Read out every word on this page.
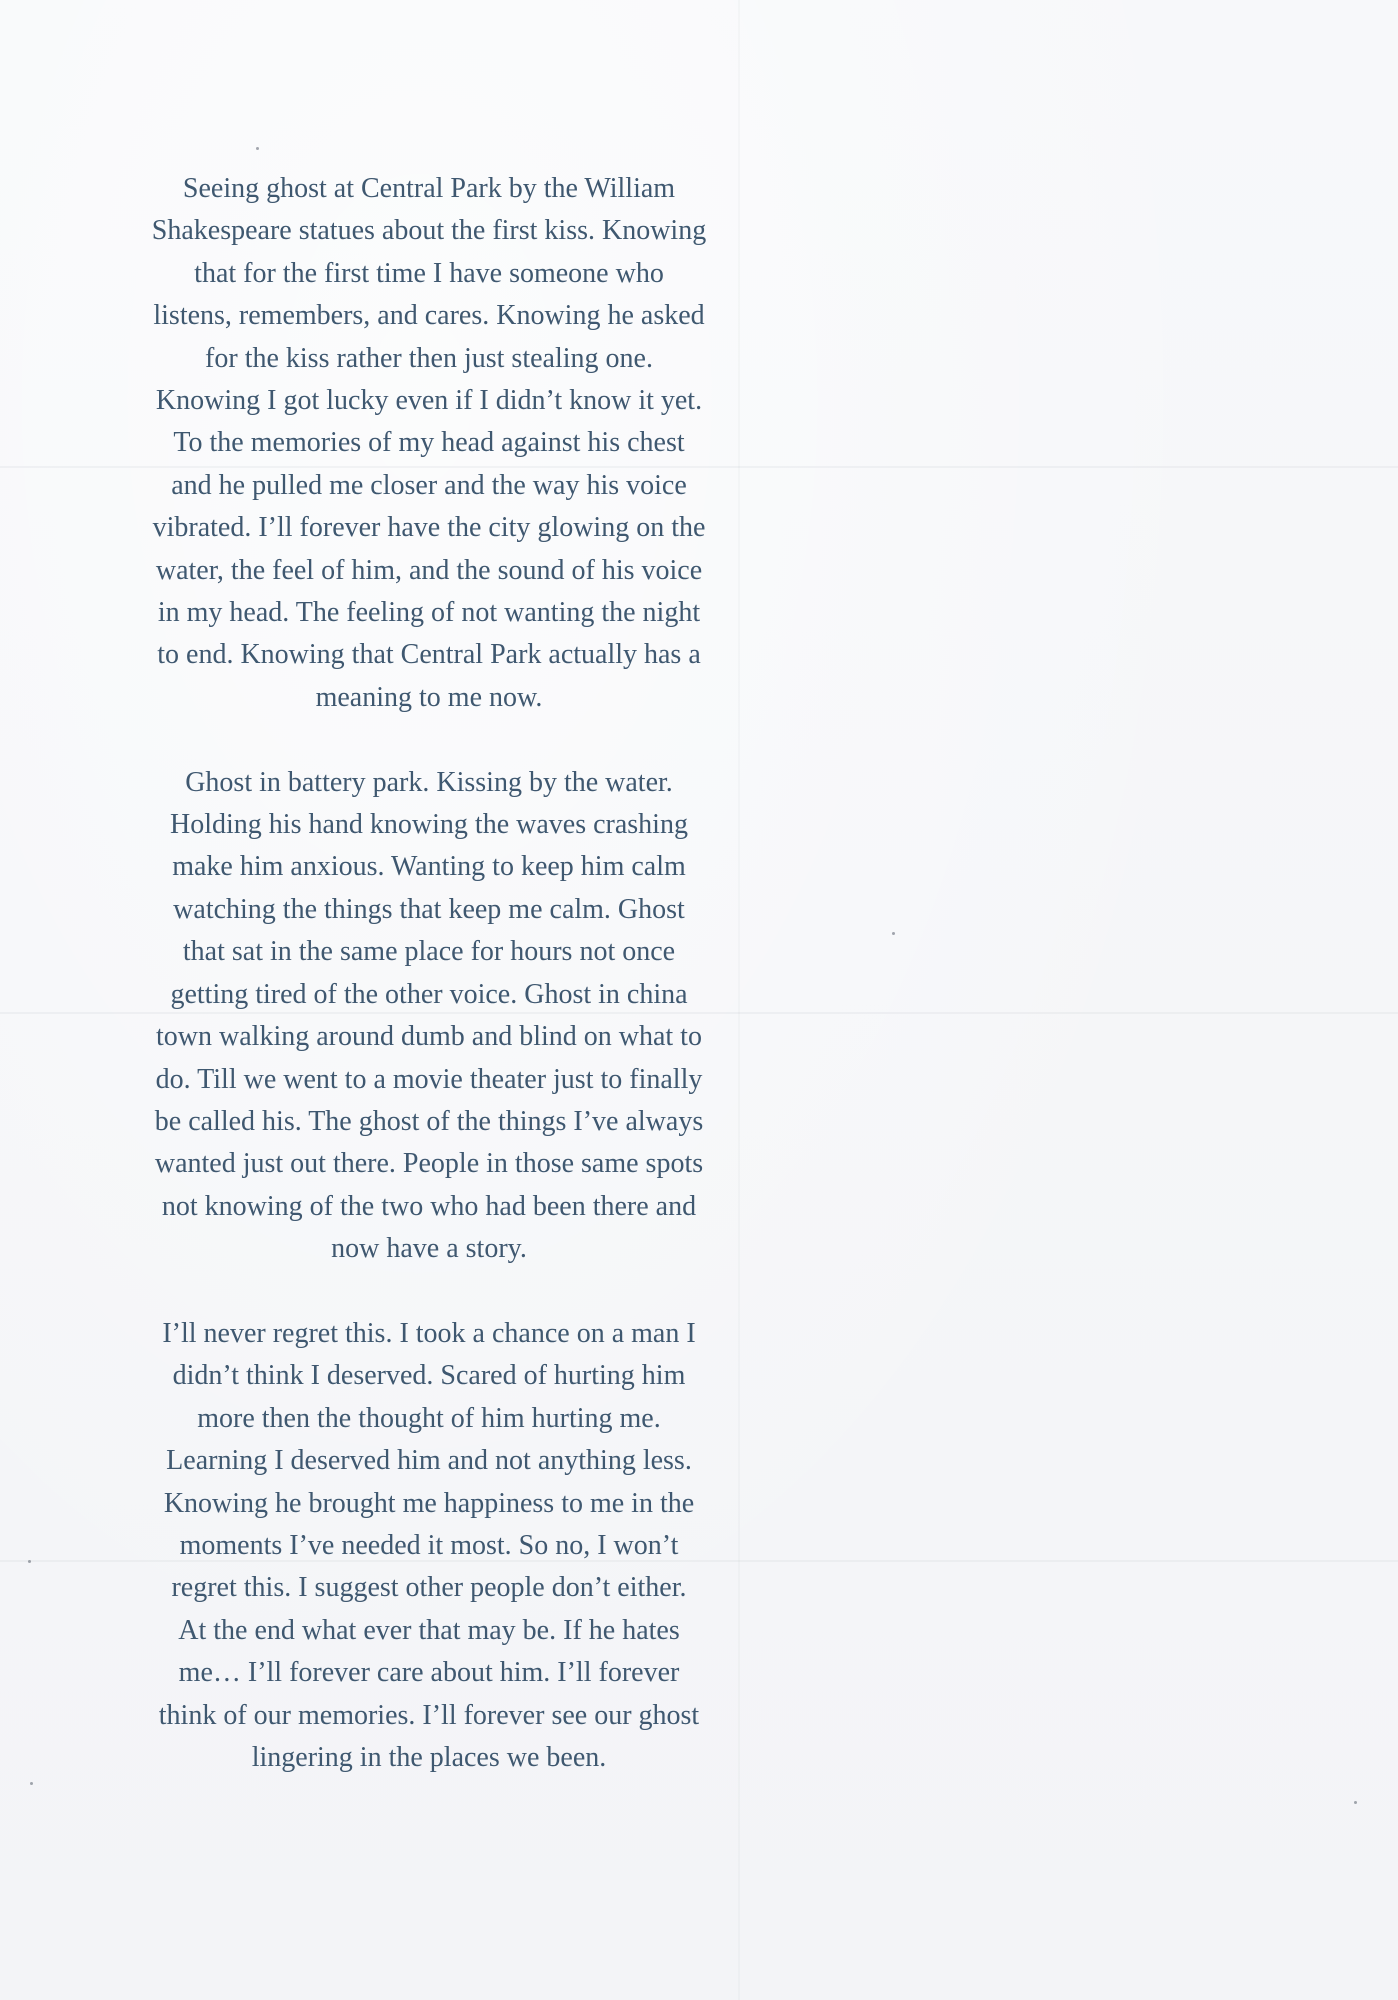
Seeing ghost at Central Park by the William
Shakespeare statues about the first kiss. Knowing
that for the first time I have someone who
listens, remembers, and cares. Knowing he asked
for the kiss rather then just stealing one.
Knowing I got lucky even if I didn’t know it yet.
To the memories of my head against his chest
and he pulled me closer and the way his voice
vibrated. I’ll forever have the city glowing on the
water, the feel of him, and the sound of his voice
in my head. The feeling of not wanting the night
to end. Knowing that Central Park actually has a
meaning to me now.
Ghost in battery park. Kissing by the water.
Holding his hand knowing the waves crashing
make him anxious. Wanting to keep him calm
watching the things that keep me calm. Ghost
that sat in the same place for hours not once
getting tired of the other voice. Ghost in china
town walking around dumb and blind on what to
do. Till we went to a movie theater just to finally
be called his. The ghost of the things I’ve always
wanted just out there. People in those same spots
not knowing of the two who had been there and
now have a story.
I’ll never regret this. I took a chance on a man I
didn’t think I deserved. Scared of hurting him
more then the thought of him hurting me.
Learning I deserved him and not anything less.
Knowing he brought me happiness to me in the
moments I’ve needed it most. So no, I won’t
regret this. I suggest other people don’t either.
At the end what ever that may be. If he hates
me… I’ll forever care about him. I’ll forever
think of our memories. I’ll forever see our ghost
lingering in the places we been.
